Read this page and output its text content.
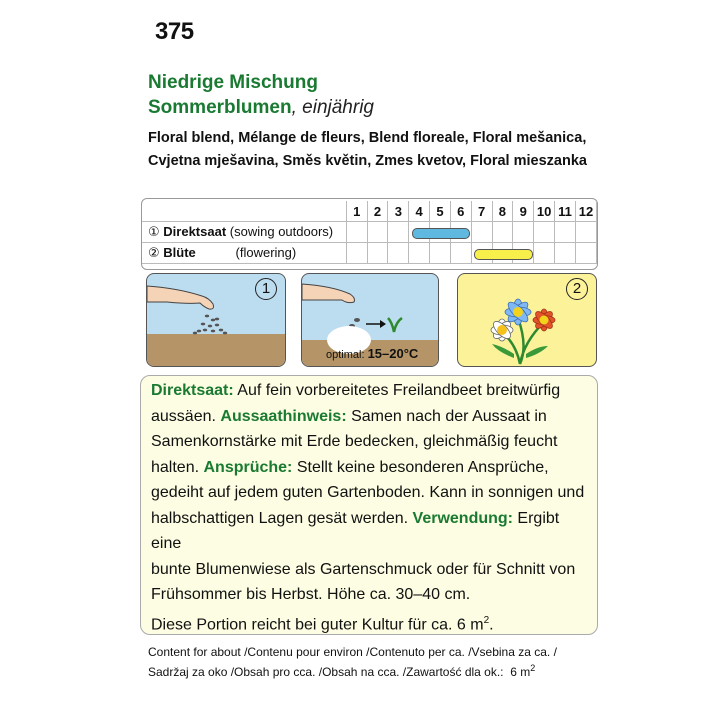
375
Niedrige Mischung
Sommerblumen, einjährig
Floral blend, Mélange de fleurs, Blend floreale, Floral mešanica,
Cvjetna mješavina, Směs květin, Zmes kvetov, Floral mieszanka
	1	2	3	4	5	6	7	8	9	10	11	12
① Direktsaat (sowing outdoors)												
② Blüte (flowering)												
1
optimal: 15–20°C
2

Direktsaat: Auf fein vorbereitetes Freilandbeet breitwürfig

aussäen. Aussaathinweis: Samen nach der Aussaat in

Samenkornstärke mit Erde bedecken, gleichmäßig feucht

halten. Ansprüche: Stellt keine besonderen Ansprüche,

gedeiht auf jedem guten Gartenboden. Kann in sonnigen und

halbschattigen Lagen gesät werden. Verwendung: Ergibt eine

bunte Blumenwiese als Gartenschmuck oder für Schnitt von

Frühsommer bis Herbst. Höhe ca. 30–40 cm.

Diese Portion reicht bei guter Kultur für ca. 6 $m^2$.

Content for about /Contenu pour environ /Contenuto per ca. /Vsebina za ca. /
Sadržaj za oko /Obsah pro cca. /Obsah na cca. /Zawartość dla ok.: 6 $m^2$
